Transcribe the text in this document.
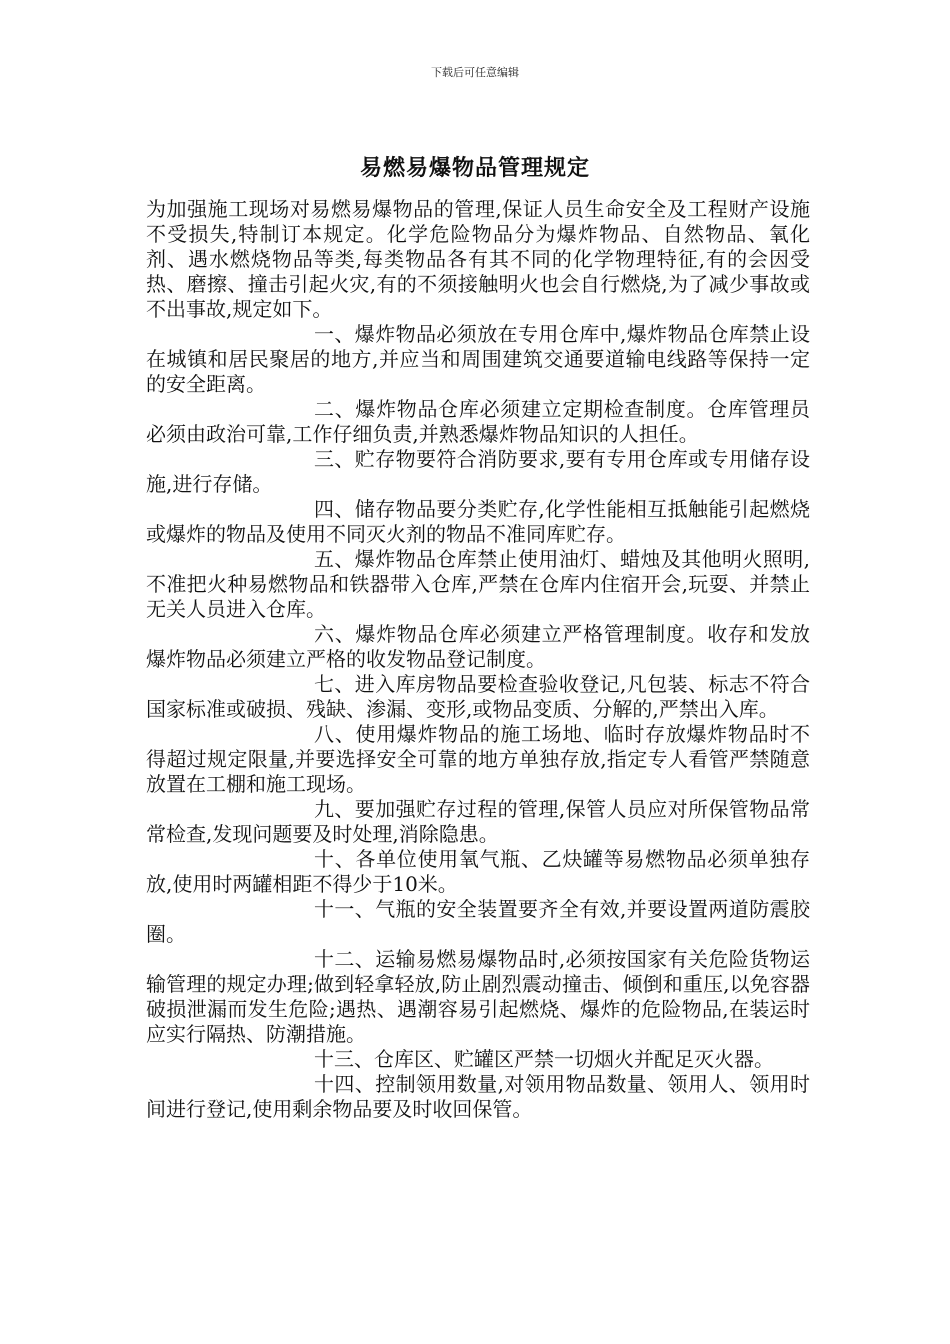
下载后可任意编辑
易燃易爆物品管理规定

为加强施工现场对易燃易爆物品的管理,保证人员生命安全及工程财产设施不受损失,特制订本规定。化学危险物品分为爆炸物品、自然物品、氧化剂、遇水燃烧物品等类,每类物品各有其不同的化学物理特征,有的会因受热、磨擦、撞击引起火灾,有的不须接触明火也会自行燃烧,为了减少事故或不出事故,规定如下。

一、爆炸物品必须放在专用仓库中,爆炸物品仓库禁止设在城镇和居民聚居的地方,并应当和周围建筑交通要道输电线路等保持一定的安全距离。

二、爆炸物品仓库必须建立定期检查制度。仓库管理员必须由政治可靠,工作仔细负责,并熟悉爆炸物品知识的人担任。

三、贮存物要符合消防要求,要有专用仓库或专用储存设施,进行存储。

四、储存物品要分类贮存,化学性能相互抵触能引起燃烧或爆炸的物品及使用不同灭火剂的物品不准同库贮存。

五、爆炸物品仓库禁止使用油灯、蜡烛及其他明火照明,不准把火种易燃物品和铁器带入仓库,严禁在仓库内住宿开会,玩耍、并禁止无关人员进入仓库。

六、爆炸物品仓库必须建立严格管理制度。收存和发放爆炸物品必须建立严格的收发物品登记制度。

七、进入库房物品要检查验收登记,凡包装、标志不符合国家标准或破损、残缺、渗漏、变形,或物品变质、分解的,严禁出入库。

八、使用爆炸物品的施工场地、临时存放爆炸物品时不得超过规定限量,并要选择安全可靠的地方单独存放,指定专人看管严禁随意放置在工棚和施工现场。

九、要加强贮存过程的管理,保管人员应对所保管物品常常检查,发现问题要及时处理,消除隐患。

十、各单位使用氧气瓶、乙炔罐等易燃物品必须单独存放,使用时两罐相距不得少于10米。

十一、气瓶的安全装置要齐全有效,并要设置两道防震胶圈。

十二、运输易燃易爆物品时,必须按国家有关危险货物运输管理的规定办理;做到轻拿轻放,防止剧烈震动撞击、倾倒和重压,以免容器破损泄漏而发生危险;遇热、遇潮容易引起燃烧、爆炸的危险物品,在装运时应实行隔热、防潮措施。

十三、仓库区、贮罐区严禁一切烟火并配足灭火器。

十四、控制领用数量,对领用物品数量、领用人、领用时间进行登记,使用剩余物品要及时收回保管。
